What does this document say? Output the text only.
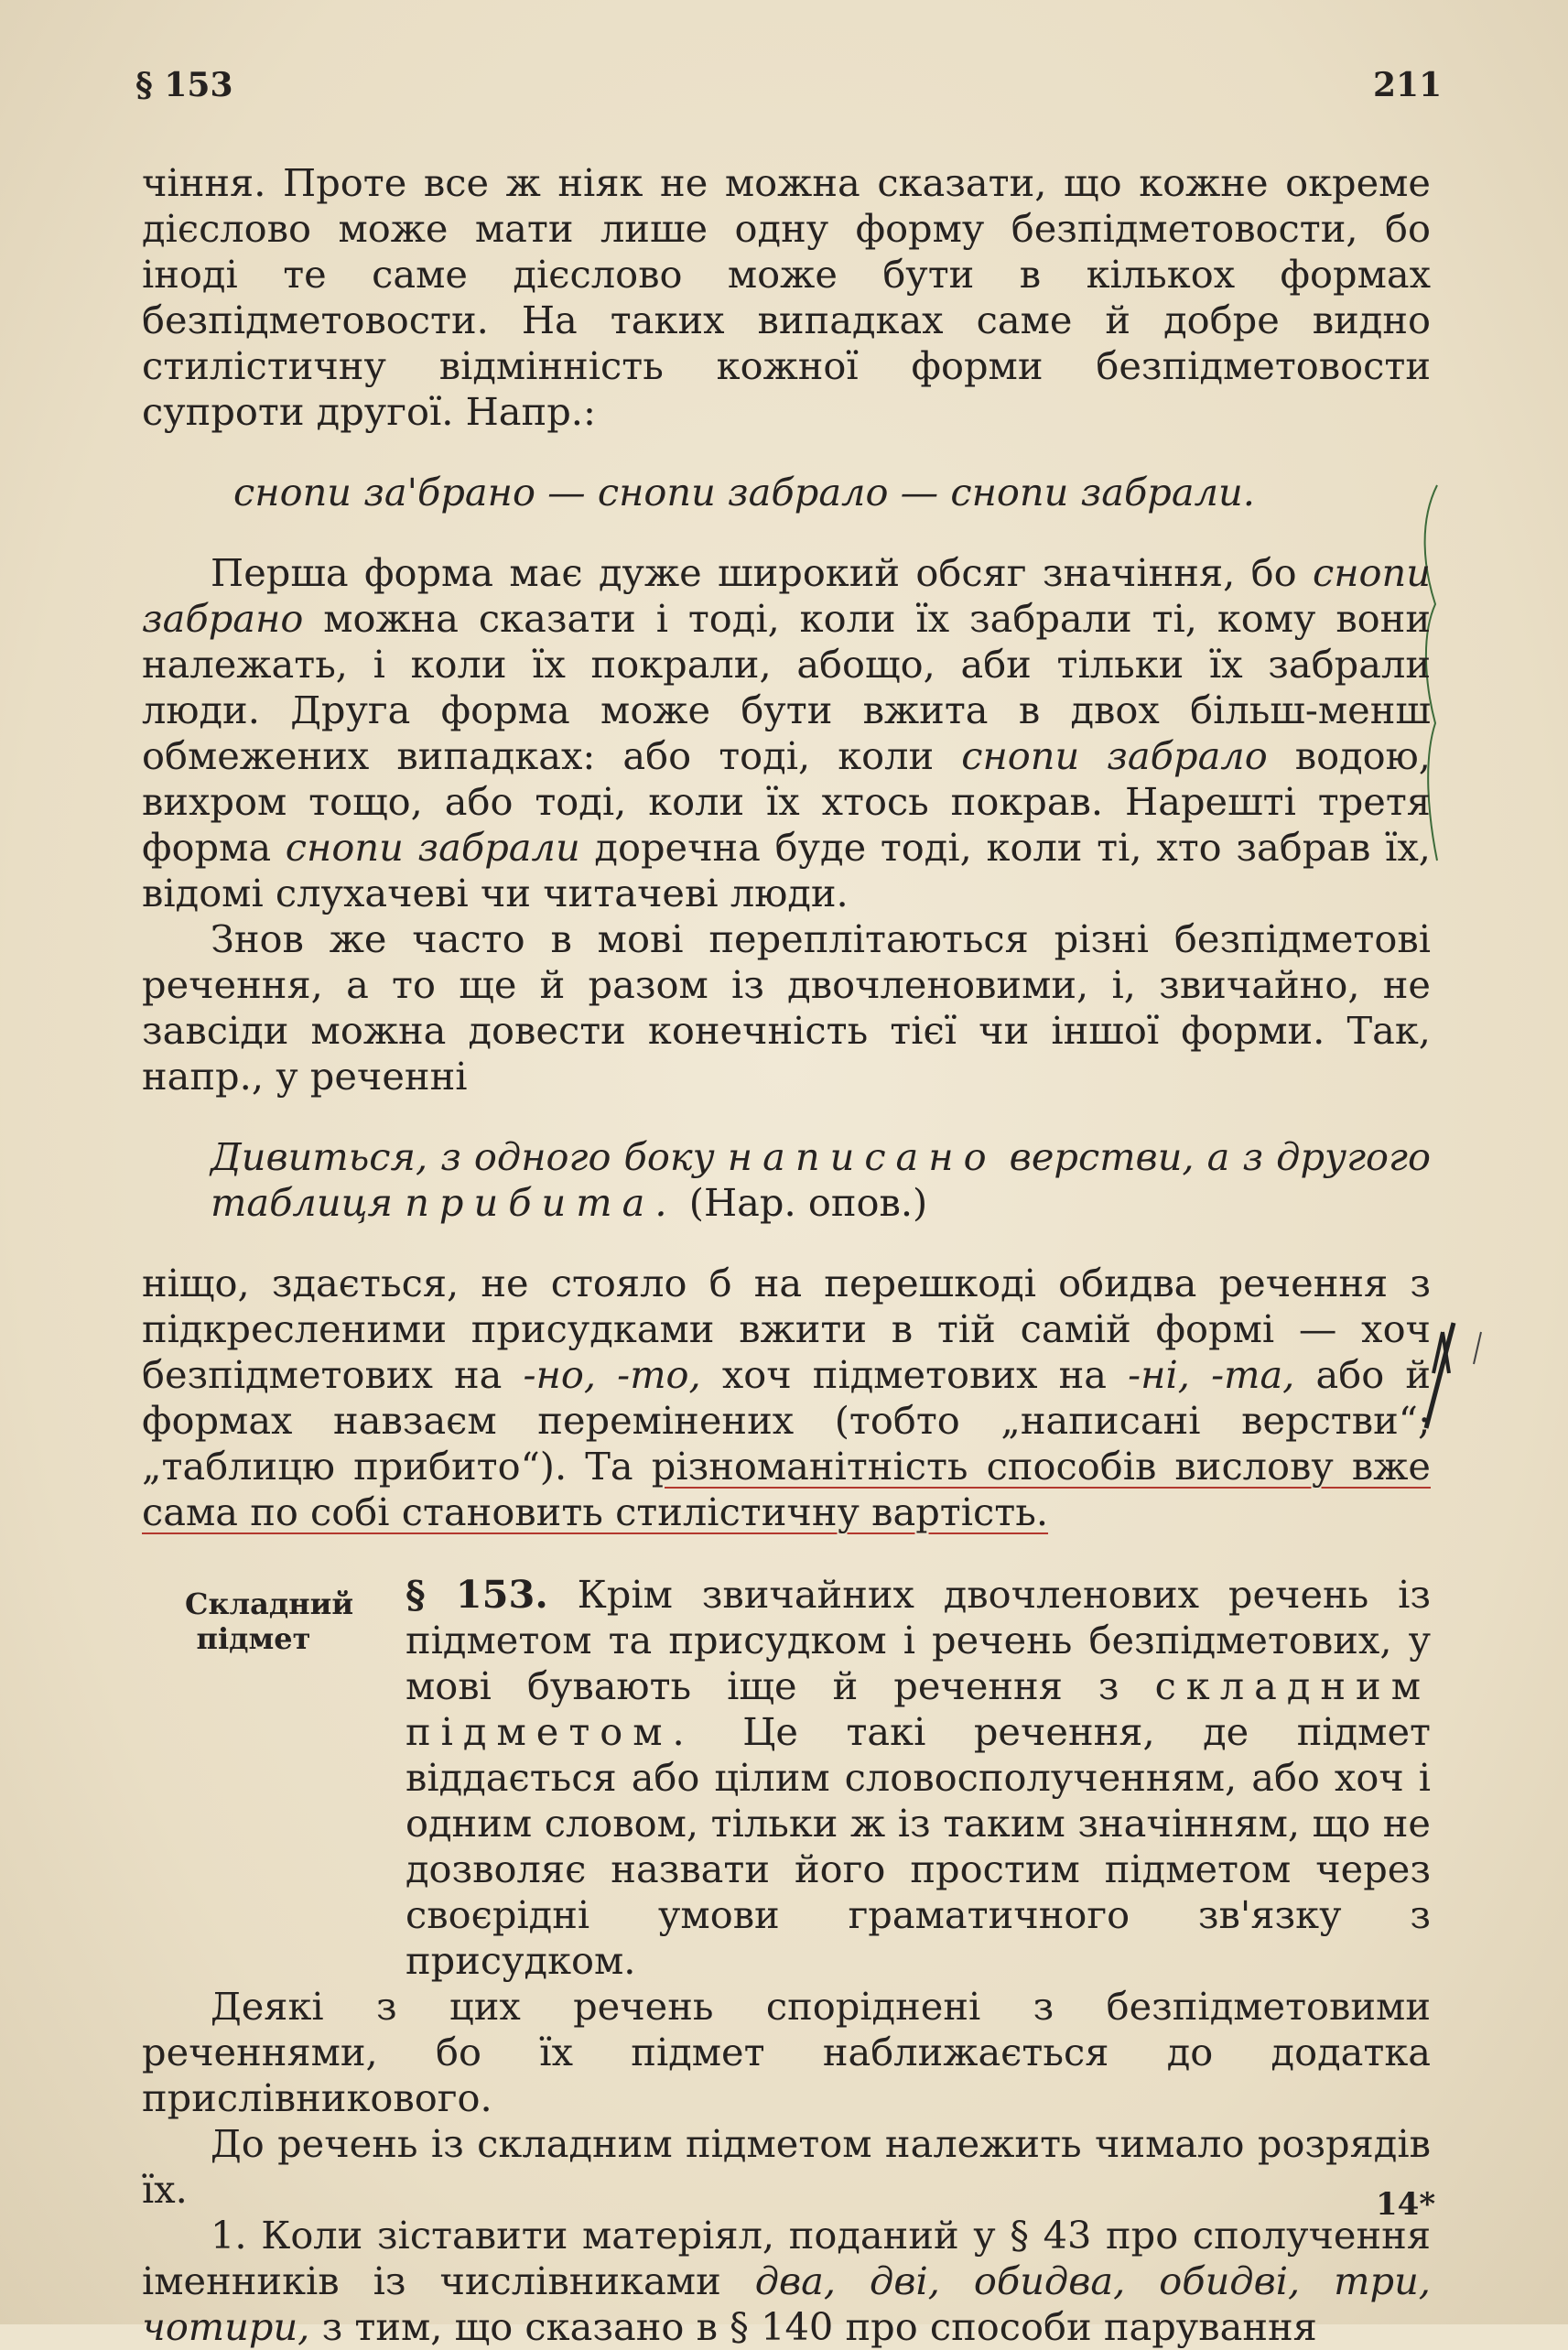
§ 153	211

чіння. Проте все ж ніяк не можна сказати, що кожне окреме дієслово може мати лише одну форму безпідметовости, бо іноді те саме дієслово може бути в кількох формах безпідметовости. На таких випадках саме й добре видно стилістичну відмінність кожної форми безпідметовости супроти другої. Напр.:

снопи за'брано — снопи забрало — снопи забрали.

Перша форма має дуже широкий обсяг значіння, бо снопи забрано можна сказати і тоді, коли їх забрали ті, кому вони належать, і коли їх покрали, абощо, аби тільки їх забрали люди. Друга форма може бути вжита в двох більш-менш обмежених випадках: або тоді, коли снопи забрало водою, вихром тощо, або тоді, коли їх хтось покрав. Нарешті третя форма снопи забрали доречна буде тоді, коли ті, хто забрав їх, відомі слухачеві чи читачеві люди.

Знов же часто в мові переплітаються різні безпідметові речення, а то ще й разом із двочленовими, і, звичайно, не завсіди можна довести конечність тієї чи іншої форми. Так, напр., у реченні

Дивиться, з одного боку написано верстви, а з другого таблиця прибита. (Нар. опов.)

ніщо, здається, не стояло б на перешкоді обидва речення з підкресленими присудками вжити в тій самій формі — хоч безпідметових на -но, -то, хоч підметових на -ні, -та, або й формах навзаєм перемінених (тобто „написані верстви“; „таблицю прибито“). Та різноманітність способів вислову вже сама по собі становить стилістичну вартість.

Складний підмет

§ 153. Крім звичайних двочленових речень із підметом та присудком і речень безпідметових, у мові бувають іще й речення з складним підметом. Це такі речення, де підмет віддається або цілим словосполученням, або хоч і одним словом, тільки ж із таким значінням, що не дозволяє назвати його простим підметом через своєрідні умови граматичного зв'язку з присудком.

Деякі з цих речень споріднені з безпідметовими реченнями, бо їх підмет наближається до додатка прислівникового.

До речень із складним підметом належить чимало розрядів їх.

1. Коли зіставити матеріял, поданий у § 43 про сполучення іменників із числівниками два, дві, обидва, обидві, три, чотири, з тим, що сказано в § 140 про способи парування

14*
